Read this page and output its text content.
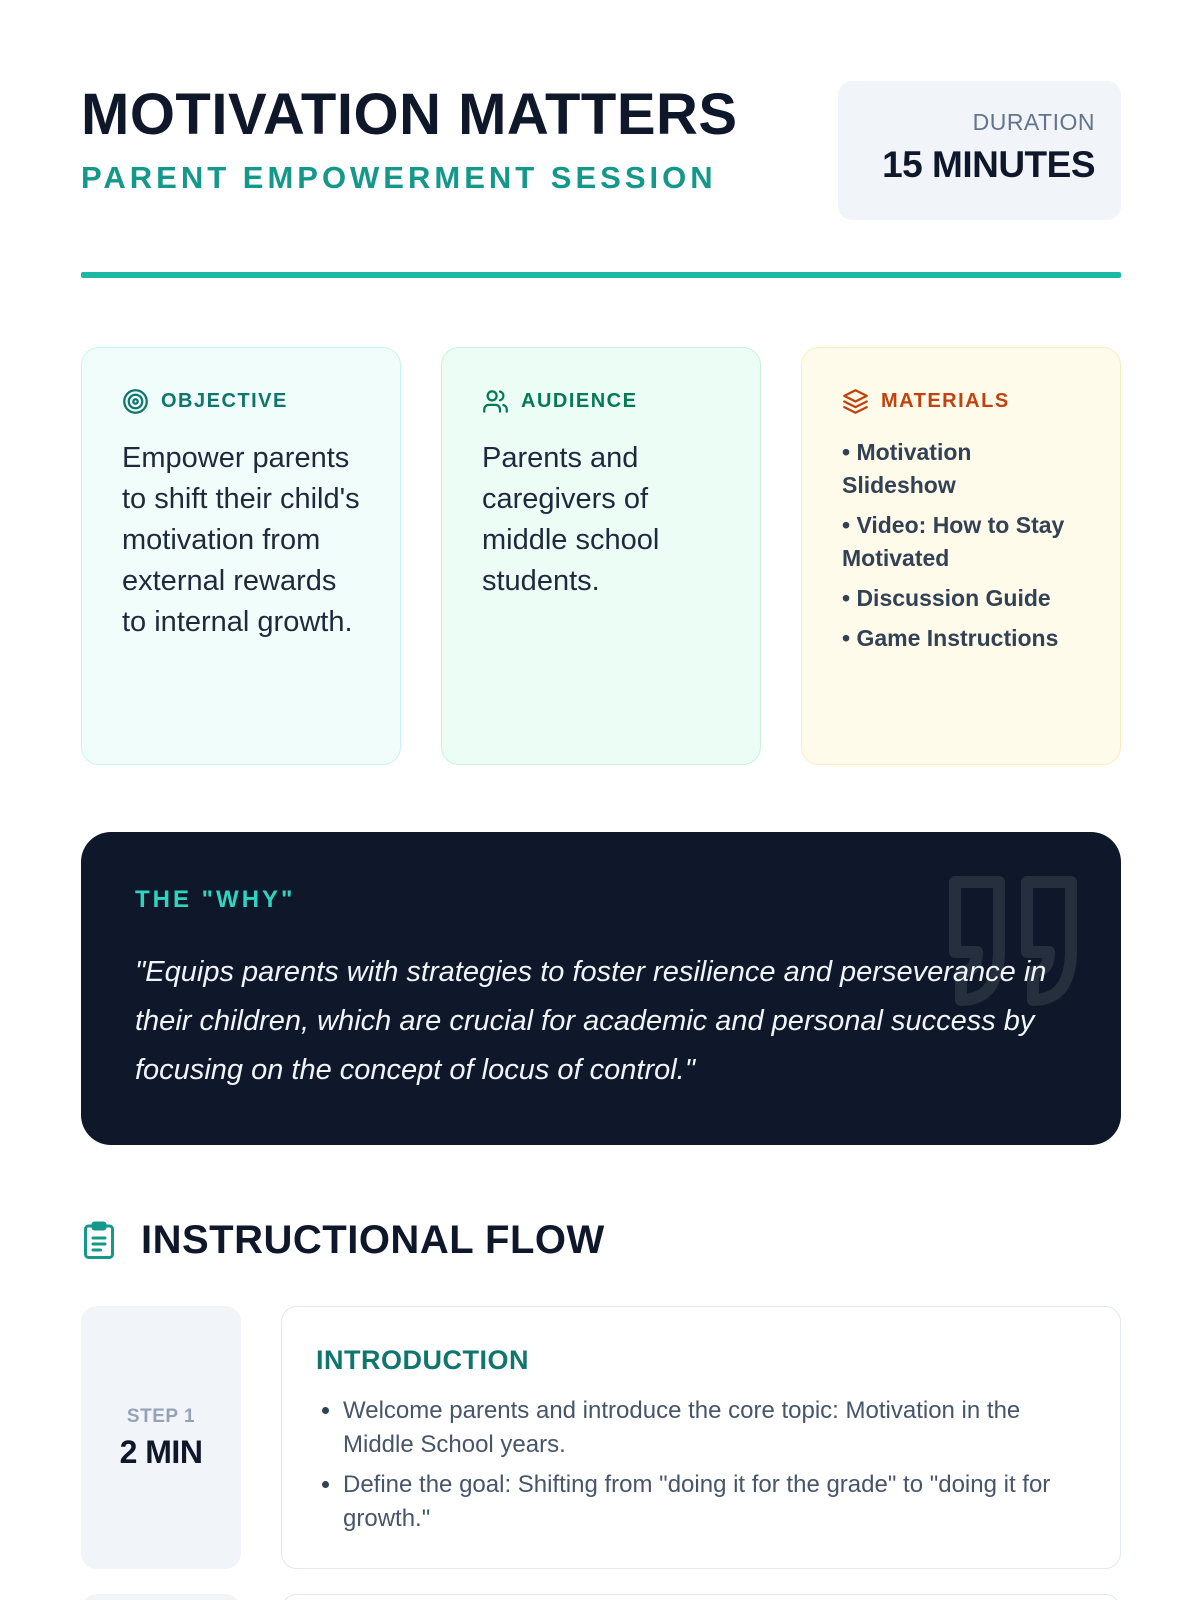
MOTIVATION MATTERS
PARENT EMPOWERMENT SESSION
DURATION
15 MINUTES
OBJECTIVE

Empower parents to shift their child's motivation from external rewards to internal growth.

AUDIENCE

Parents and caregivers of middle school students.

MATERIALS
• Motivation Slideshow
• Video: How to Stay Motivated
• Discussion Guide
• Game Instructions
THE "WHY"

"Equips parents with strategies to foster resilience and perseverance in their children, which are crucial for academic and personal success by focusing on the concept of locus of control."

INSTRUCTIONAL FLOW
STEP 1
2 MIN
INTRODUCTION
• Welcome parents and introduce the core topic: Motivation in the Middle School years.
• Define the goal: Shifting from "doing it for the grade" to "doing it for growth."
